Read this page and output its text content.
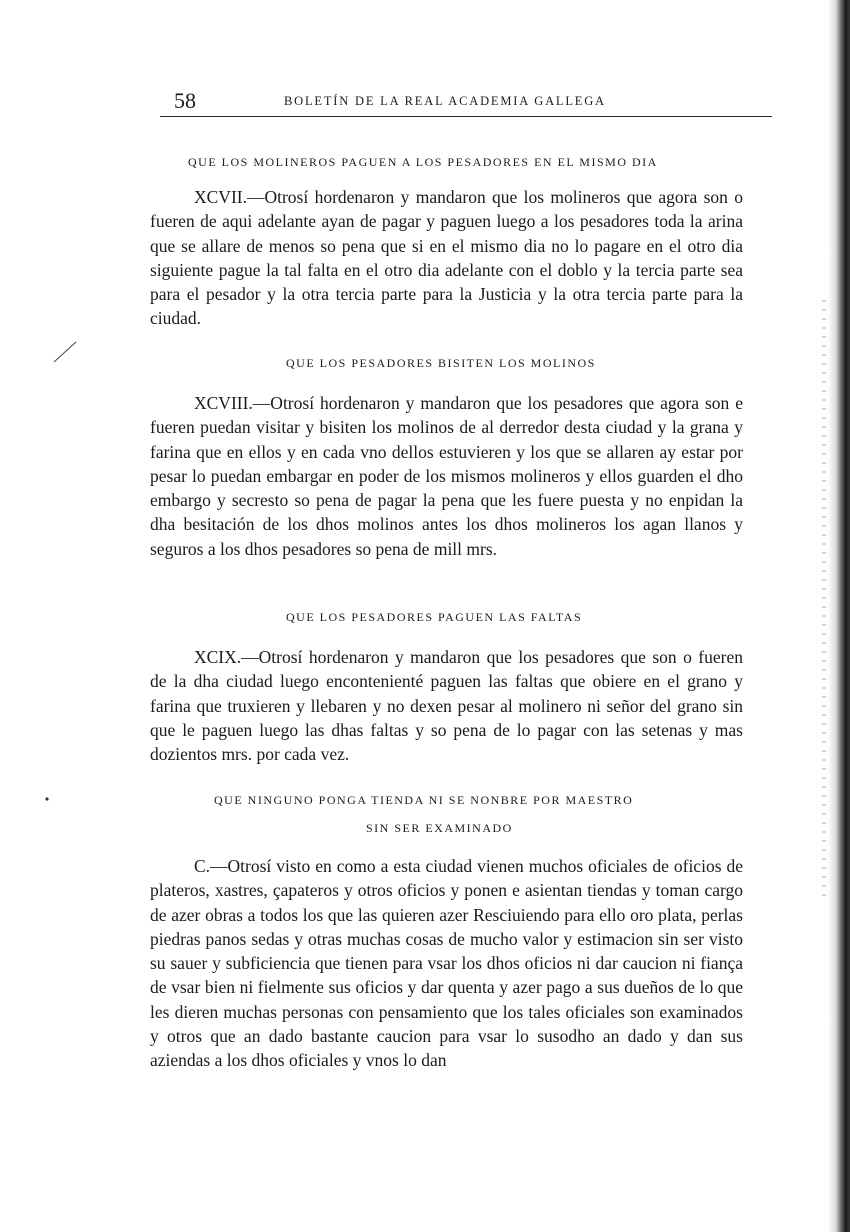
58	BOLETÍN DE LA REAL ACADEMIA GALLEGA
QUE LOS MOLINEROS PAGUEN A LOS PESADORES EN EL MISMO DIA

XCVII.—Otrosí hordenaron y mandaron que los molineros que agora son o fueren de aqui adelante ayan de pagar y paguen luego a los pesadores toda la arina que se allare de menos so pena que si en el mismo dia no lo pagare en el otro dia siguiente pague la tal falta en el otro dia adelante con el doblo y la tercia parte sea para el pesador y la otra tercia parte para la Justicia y la otra tercia parte para la ciudad.

QUE LOS PESADORES BISITEN LOS MOLINOS

XCVIII.—Otrosí hordenaron y mandaron que los pesadores que agora son e fueren puedan visitar y bisiten los molinos de al derredor desta ciudad y la grana y farina que en ellos y en cada vno dellos estuvieren y los que se allaren ay estar por pesar lo puedan embargar en poder de los mismos molineros y ellos guarden el dho embargo y secresto so pena de pagar la pena que les fuere puesta y no enpidan la dha besitación de los dhos molinos antes los dhos molineros los agan llanos y seguros a los dhos pesadores so pena de mill mrs.

QUE LOS PESADORES PAGUEN LAS FALTAS

XCIX.—Otrosí hordenaron y mandaron que los pesadores que son o fueren de la dha ciudad luego encontenienté paguen las faltas que obiere en el grano y farina que truxieren y llebaren y no dexen pesar al molinero ni señor del grano sin que le paguen luego las dhas faltas y so pena de lo pagar con las setenas y mas dozientos mrs. por cada vez.

QUE NINGUNO PONGA TIENDA NI SE NONBRE POR MAESTRO
SIN SER EXAMINADO

C.—Otrosí visto en como a esta ciudad vienen muchos oficiales de oficios de plateros, xastres, çapateros y otros oficios y ponen e asientan tiendas y toman cargo de azer obras a todos los que las quieren azer Resciuiendo para ello oro plata, perlas piedras panos sedas y otras muchas cosas de mucho valor y estimacion sin ser visto su sauer y subficiencia que tienen para vsar los dhos oficios ni dar caucion ni fiança de vsar bien ni fielmente sus oficios y dar quenta y azer pago a sus dueños de lo que les dieren muchas personas con pensamiento que los tales oficiales son examinados y otros que an dado bastante caucion para vsar lo susodho an dado y dan sus aziendas a los dhos oficiales y vnos lo dan
